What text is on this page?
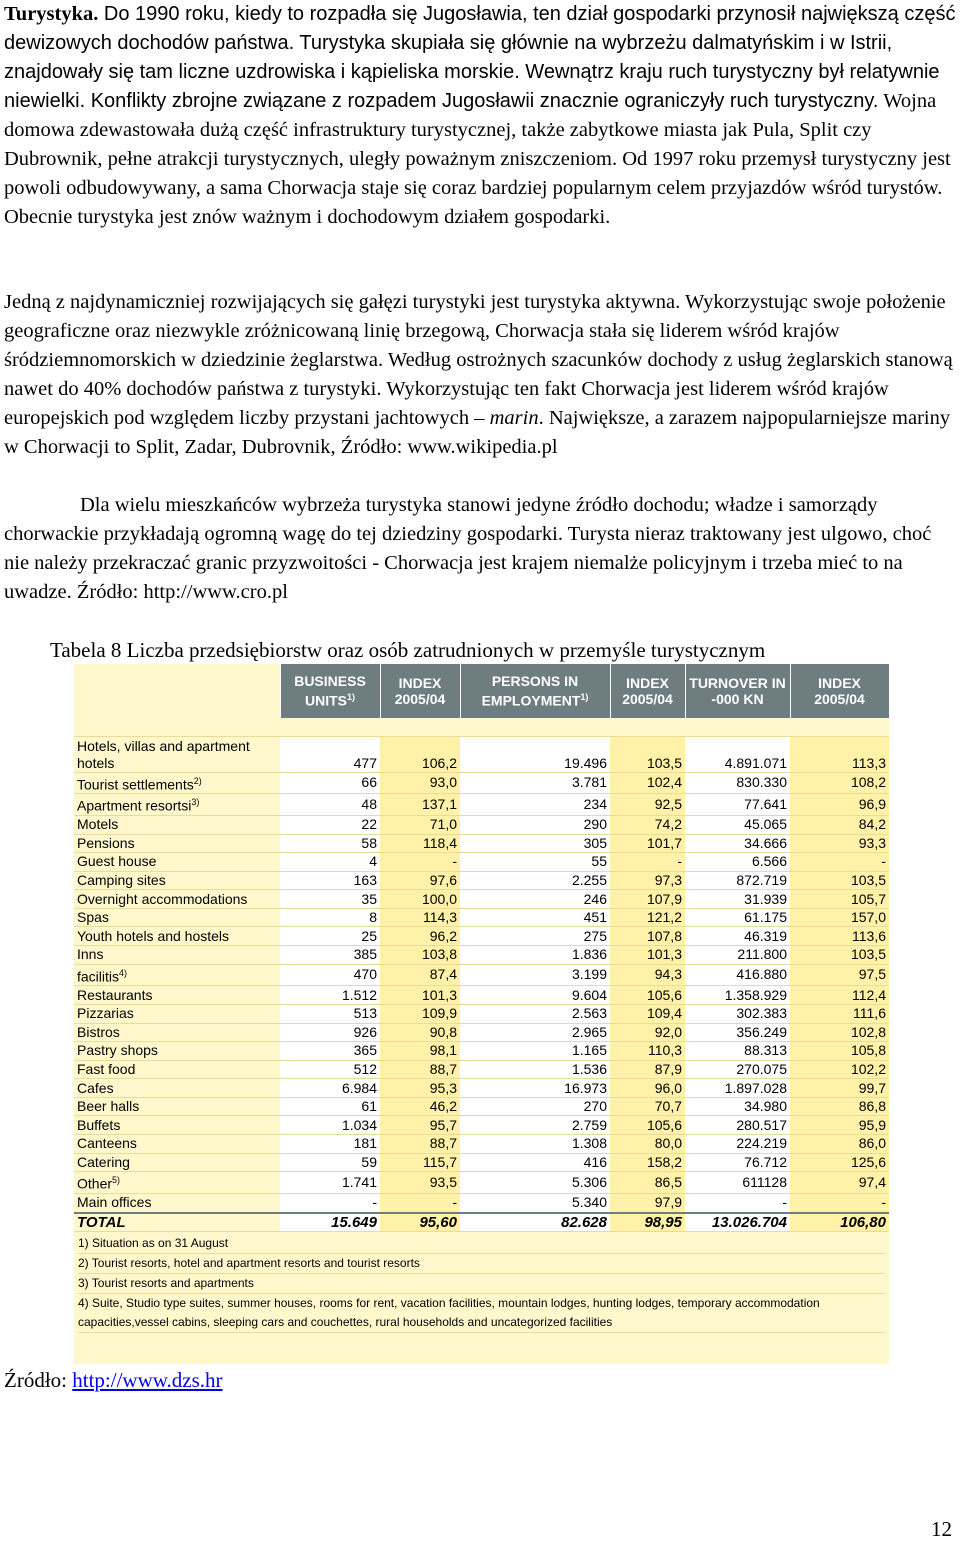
Turystyka. Do 1990 roku, kiedy to rozpadła się Jugosławia, ten dział gospodarki przynosił największą część dewizowych dochodów państwa. Turystyka skupiała się głównie na wybrzeżu dalmatyńskim i w Istrii, znajdowały się tam liczne uzdrowiska i kąpieliska morskie. Wewnątrz kraju ruch turystyczny był relatywnie niewielki. Konflikty zbrojne związane z rozpadem Jugosławii znacznie ograniczyły ruch turystyczny. Wojna domowa zdewastowała dużą część infrastruktury turystycznej, także zabytkowe miasta jak Pula, Split czy Dubrownik, pełne atrakcji turystycznych, uległy poważnym zniszczeniom. Od 1997 roku przemysł turystyczny jest powoli odbudowywany, a sama Chorwacja staje się coraz bardziej popularnym celem przyjazdów wśród turystów. Obecnie turystyka jest znów ważnym i dochodowym działem gospodarki.

Jedną z najdynamiczniej rozwijających się gałęzi turystyki jest turystyka aktywna. Wykorzystując swoje położenie geograficzne oraz niezwykle zróżnicowaną linię brzegową, Chorwacja stała się liderem wśród krajów śródziemnomorskich w dziedzinie żeglarstwa. Według ostrożnych szacunków dochody z usług żeglarskich stanową nawet do 40% dochodów państwa z turystyki. Wykorzystując ten fakt Chorwacja jest liderem wśród krajów europejskich pod względem liczby przystani jachtowych – marin. Największe, a zarazem najpopularniejsze mariny w Chorwacji to Split, Zadar, Dubrovnik, Źródło: www.wikipedia.pl

Dla wielu mieszkańców wybrzeża turystyka stanowi jedyne źródło dochodu; władze i samorządy chorwackie przykładają ogromną wagę do tej dziedziny gospodarki. Turysta nieraz traktowany jest ulgowo, choć nie należy przekraczać granic przyzwoitości - Chorwacja jest krajem niemalże policyjnym i trzeba mieć to na uwadze. Źródło: http://www.cro.pl

Tabela 8 Liczba przedsiębiorstw oraz osób zatrudnionych w przemyśle turystycznym
	BUSINESS UNITS$^{1)}$	INDEX 2005/04	PERSONS IN EMPLOYMENT$^{1)}$	INDEX 2005/04	TURNOVER IN -000 KN	INDEX 2005/04

Hotels, villas and apartment hotels	477	106,2	19.496	103,5	4.891.071	113,3
Tourist settlements$^{2)}$	66	93,0	3.781	102,4	830.330	108,2
Apartment resortsi$^{3)}$	48	137,1	234	92,5	77.641	96,9
Motels	22	71,0	290	74,2	45.065	84,2
Pensions	58	118,4	305	101,7	34.666	93,3
Guest house	4	-	55	-	6.566	-
Camping sites	163	97,6	2.255	97,3	872.719	103,5
Overnight accommodations	35	100,0	246	107,9	31.939	105,7
Spas	8	114,3	451	121,2	61.175	157,0
Youth hotels and hostels	25	96,2	275	107,8	46.319	113,6
Inns	385	103,8	1.836	101,3	211.800	103,5
facilitis$^{4)}$	470	87,4	3.199	94,3	416.880	97,5
Restaurants	1.512	101,3	9.604	105,6	1.358.929	112,4
Pizzarias	513	109,9	2.563	109,4	302.383	111,6
Bistros	926	90,8	2.965	92,0	356.249	102,8
Pastry shops	365	98,1	1.165	110,3	88.313	105,8
Fast food	512	88,7	1.536	87,9	270.075	102,2
Cafes	6.984	95,3	16.973	96,0	1.897.028	99,7
Beer halls	61	46,2	270	70,7	34.980	86,8
Buffets	1.034	95,7	2.759	105,6	280.517	95,9
Canteens	181	88,7	1.308	80,0	224.219	86,0
Catering	59	115,7	416	158,2	76.712	125,6
Other$^{5)}$	1.741	93,5	5.306	86,5	611128	97,4
Main offices	-	-	5.340	97,9	-	-
TOTAL	15.649	95,60	82.628	98,95	13.026.704	106,80
1) Situation as on 31 August
2) Tourist resorts, hotel and apartment resorts and tourist resorts
3) Tourist resorts and apartments
4) Suite, Studio type suites, summer houses, rooms for rent, vacation facilities, mountain lodges, hunting lodges, temporary accommodation capacities,vessel cabins, sleeping cars and couchettes, rural households and uncategorized facilities
Źródło: http://www.dzs.hr
12
